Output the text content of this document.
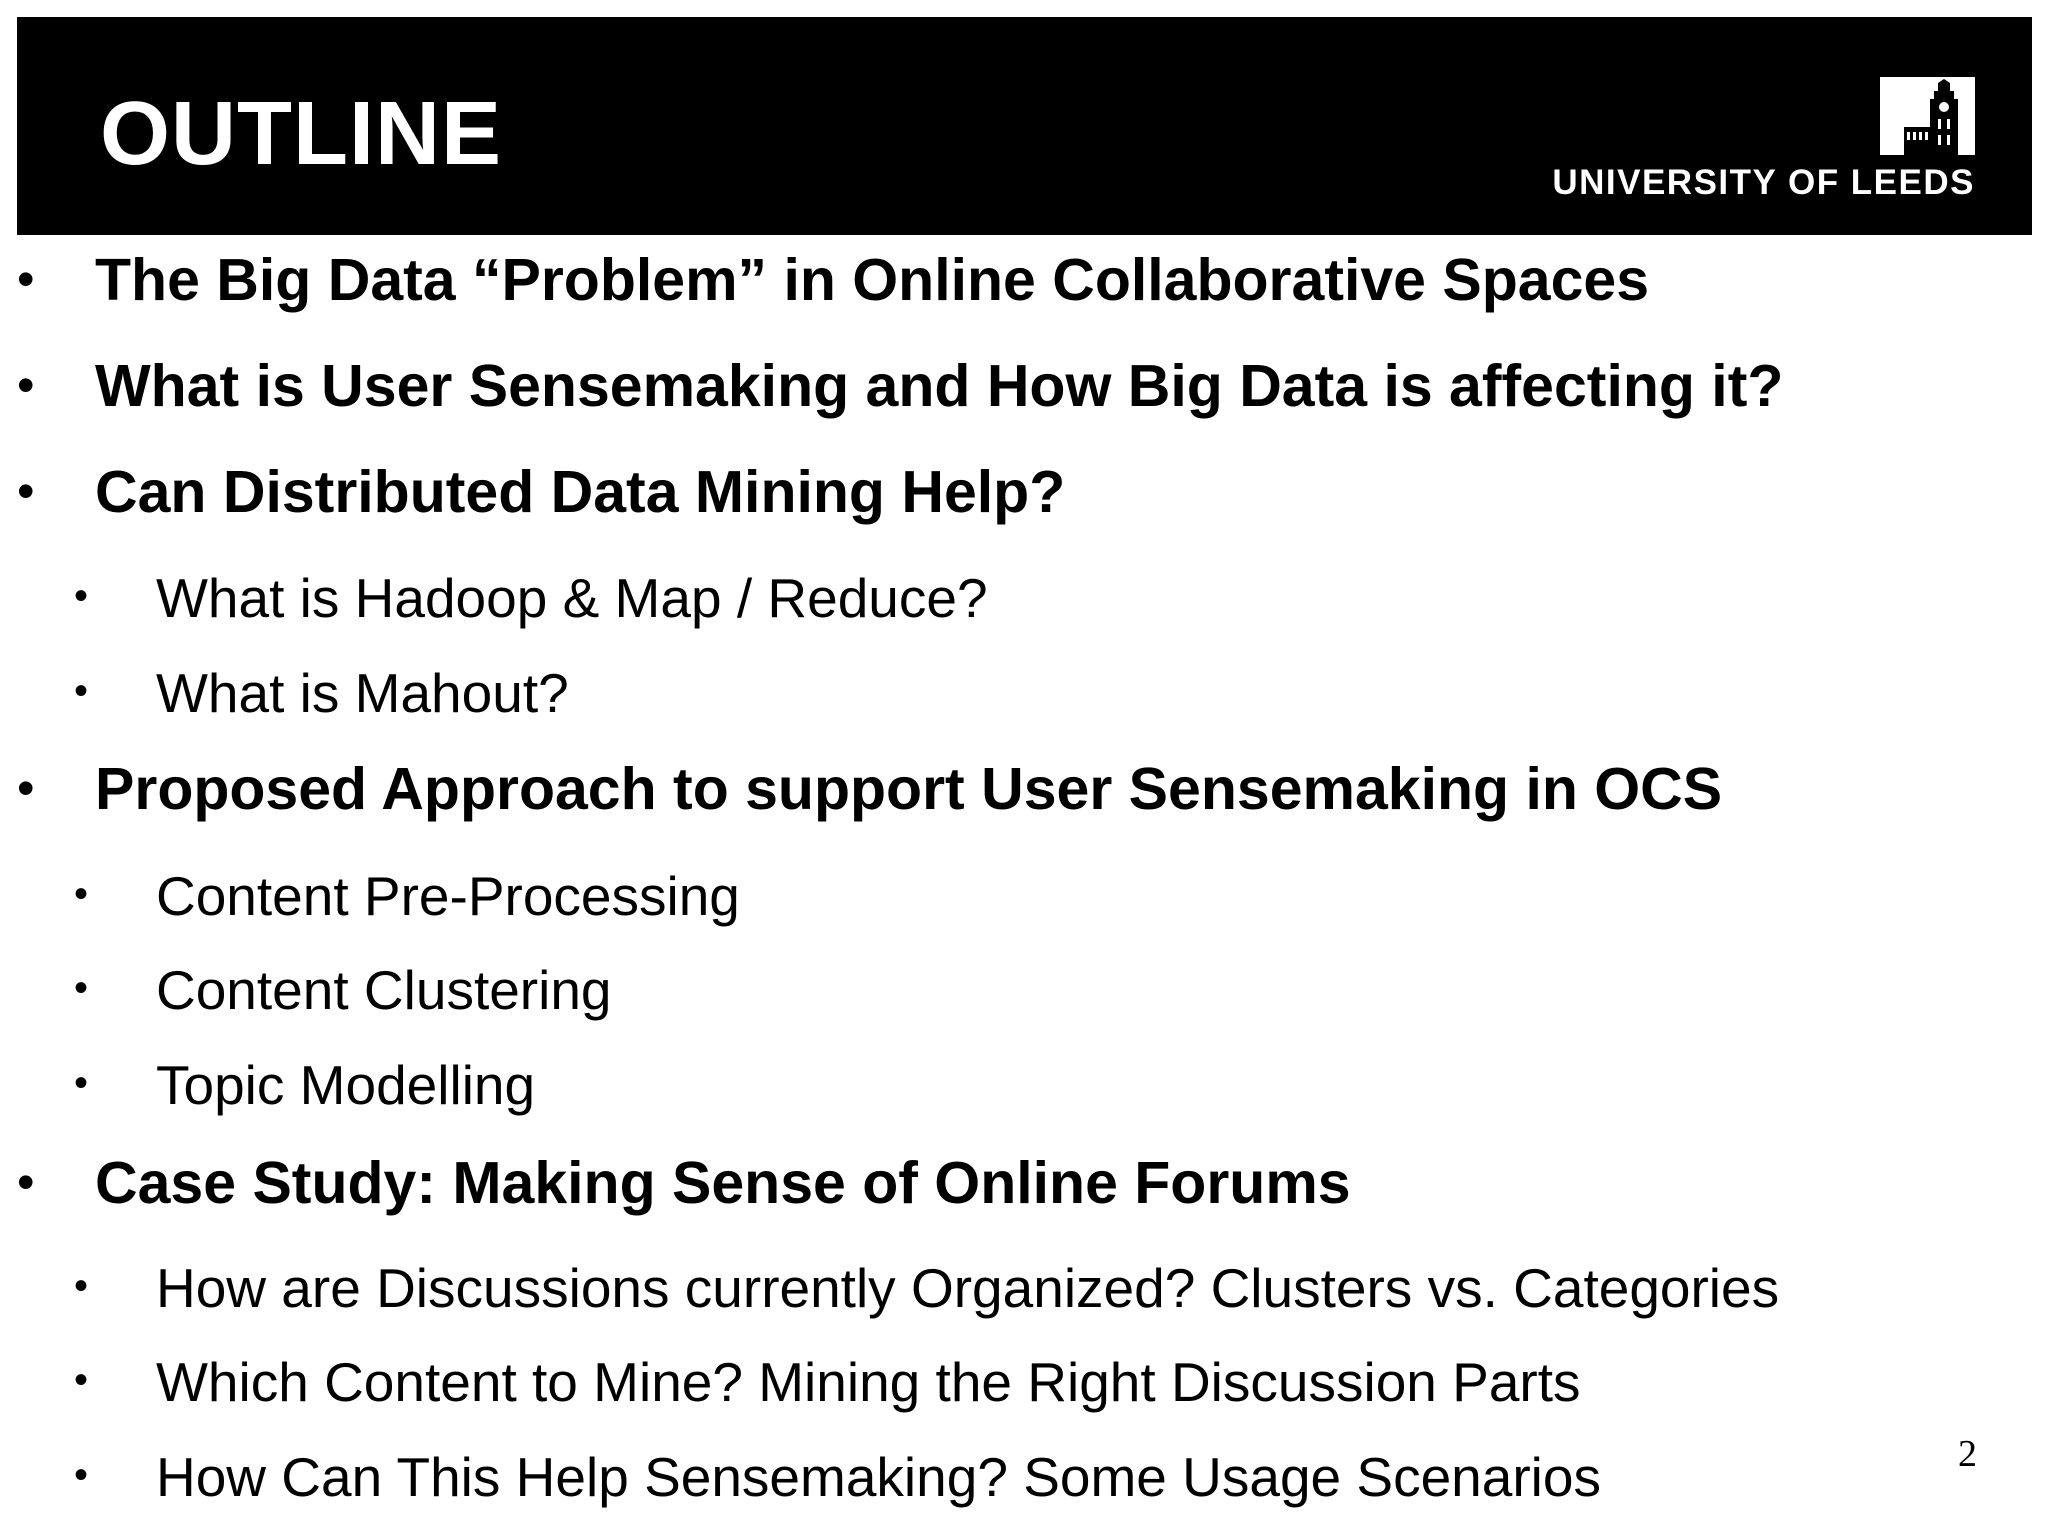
OUTLINE	UNIVERSITY OF LEEDS
• The Big Data “Problem” in Online Collaborative Spaces
• What is User Sensemaking and How Big Data is affecting it?
• Can Distributed Data Mining Help?
• What is Hadoop & Map / Reduce?
• What is Mahout?
• Proposed Approach to support User Sensemaking in OCS
• Content Pre-Processing
• Content Clustering
• Topic Modelling
• Case Study: Making Sense of Online Forums
• How are Discussions currently Organized? Clusters vs. Categories
• Which Content to Mine? Mining the Right Discussion Parts
• How Can This Help Sensemaking? Some Usage Scenarios	2
